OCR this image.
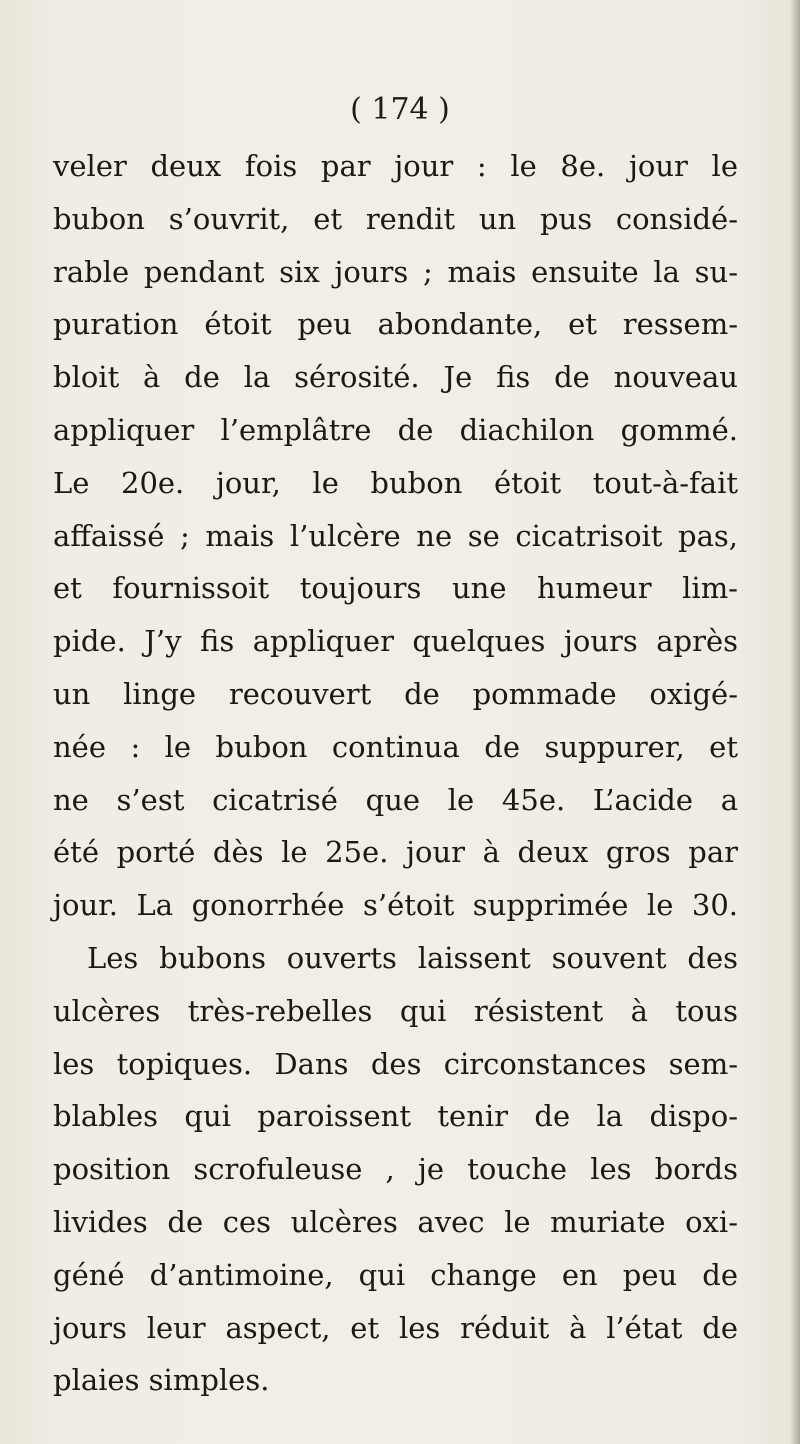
( 174 )
veler deux fois par jour : le 8e. jour le
bubon s’ouvrit, et rendit un pus considé-
rable pendant six jours ; mais ensuite la su-
puration étoit peu abondante, et ressem-
bloit à de la sérosité. Je fis de nouveau
appliquer l’emplâtre de diachilon gommé.
Le 20e. jour, le bubon étoit tout-à-fait
affaissé ; mais l’ulcère ne se cicatrisoit pas,
et fournissoit toujours une humeur lim-
pide. J’y fis appliquer quelques jours après
un linge recouvert de pommade oxigé-
née : le bubon continua de suppurer, et
ne s’est cicatrisé que le 45e. L’acide a
été porté dès le 25e. jour à deux gros par
jour. La gonorrhée s’étoit supprimée le 30.
Les bubons ouverts laissent souvent des
ulcères très-rebelles qui résistent à tous
les topiques. Dans des circonstances sem-
blables qui paroissent tenir de la dispo-
position scrofuleuse , je touche les bords
livides de ces ulcères avec le muriate oxi-
géné d’antimoine, qui change en peu de
jours leur aspect, et les réduit à l’état de
plaies simples.
